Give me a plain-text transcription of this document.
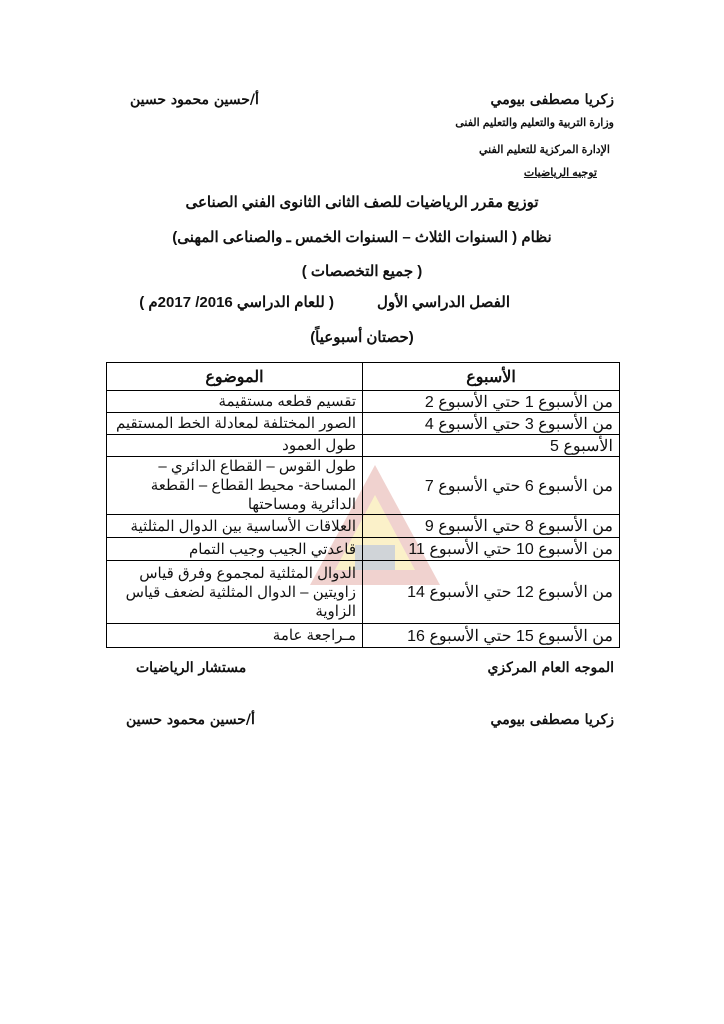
زكريا مصطفى بيومي
أ/حسين محمود حسين
وزارة التربية والتعليم والتعليم الفنى
الإدارة المركزية للتعليم الفني
توجيه الرياضيات
توزيع مقرر الرياضيات للصف الثانى الثانوى الفني الصناعى
نظام ( السنوات الثلاث – السنوات الخمس ـ والصناعى المهنى)
( جميع التخصصات )
الفصل الدراسي الأول
( للعام الدراسي 2016/ 2017م )
(حصتان أسبوعياً)
الأسبوع	الموضوع
من الأسبوع 1 حتي الأسبوع 2	تقسيم قطعه مستقيمة
من الأسبوع 3 حتي الأسبوع 4	الصور المختلفة لمعادلة الخط المستقيم
الأسبوع 5	طول العمود
من الأسبوع 6 حتي الأسبوع 7	طول القوس – القطاع الدائري – المساحة- محيط القطاع – القطعة الدائرية ومساحتها
من الأسبوع 8 حتي الأسبوع 9	العلاقات الأساسية بين الدوال المثلثية
من الأسبوع 10 حتي الأسبوع 11	قاعدتي الجيب وجيب التمام
من الأسبوع 12 حتي الأسبوع 14	الدوال المثلثية لمجموع وفرق قياس زاويتين – الدوال المثلثية لضعف قياس الزاوية
من الأسبوع 15 حتي الأسبوع 16	مـراجعة عامة
الموجه العام المركزي
مستشار الرياضيات
زكريا مصطفى بيومي
أ/حسين محمود حسين
